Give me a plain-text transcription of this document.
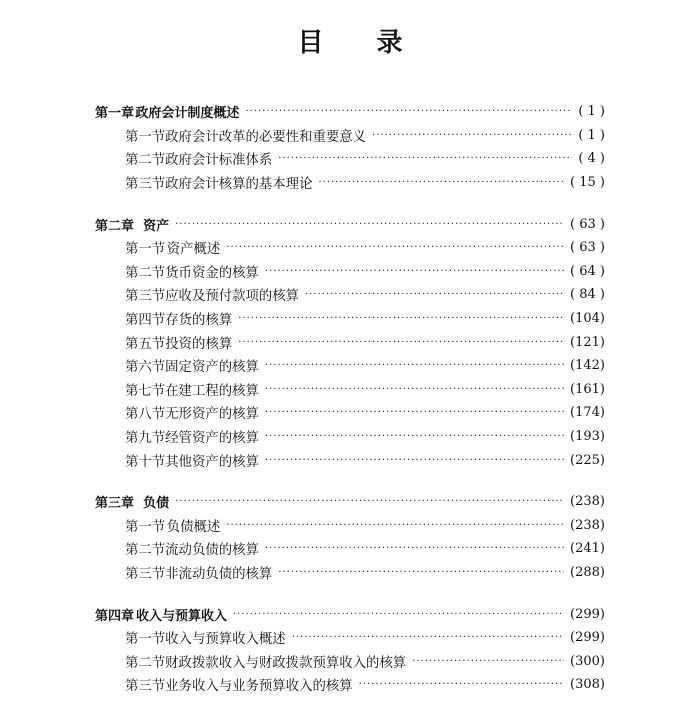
目 录
第一章 政府会计制度概述 ·····	( 1 )
第一节 政府会计改革的必要性和重要意义 ·····	( 1 )
第二节 政府会计标准体系 ·····	( 4 )
第三节 政府会计核算的基本理论 ·····	( 15 )
第二章 资产 ·····	( 63 )
第一节 资产概述 ·····	( 63 )
第二节 货币资金的核算 ·····	( 64 )
第三节 应收及预付款项的核算 ·····	( 84 )
第四节 存货的核算 ·····	(104)
第五节 投资的核算 ·····	(121)
第六节 固定资产的核算 ·····	(142)
第七节 在建工程的核算 ·····	(161)
第八节 无形资产的核算 ·····	(174)
第九节 经管资产的核算 ·····	(193)
第十节 其他资产的核算 ·····	(225)
第三章 负债 ·····	(238)
第一节 负债概述 ·····	(238)
第二节 流动负债的核算 ·····	(241)
第三节 非流动负债的核算 ·····	(288)
第四章 收入与预算收入 ·····	(299)
第一节 收入与预算收入概述 ·····	(299)
第二节 财政拨款收入与财政拨款预算收入的核算 ·····	(300)
第三节 业务收入与业务预算收入的核算 ·····	(308)
